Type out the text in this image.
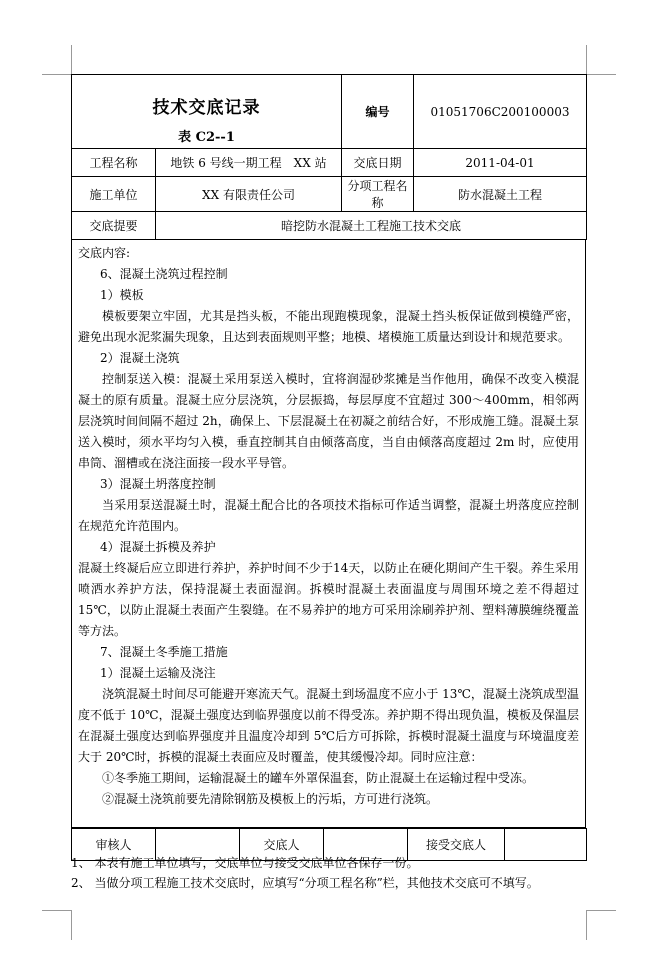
技术交底记录
表 C2--1		编号	01051706C200100003
工程名称	地铁 6 号线一期工程　XX 站	交底日期	2011-04-01
施工单位	XX 有限责任公司	分项工程名称	防水混凝土工程
交底提要	暗挖防水混凝土工程施工技术交底		

交底内容:

6、混凝土浇筑过程控制

1）模板

模板要架立牢固，尤其是挡头板，不能出现跑模现象，混凝土挡头板保证做到模缝严密，避免出现水泥浆漏失现象，且达到表面规则平整；地模、堵模施工质量达到设计和规范要求。

2）混凝土浇筑

控制泵送入模：混凝土采用泵送入模时，宜将润湿砂浆摊是当作他用，确保不改变入模混凝土的原有质量。混凝土应分层浇筑，分层振捣，每层厚度不宜超过 300～400mm，相邻两层浇筑时间间隔不超过 2h，确保上、下层混凝土在初凝之前结合好，不形成施工缝。混凝土泵送入模时，须水平均匀入模，垂直控制其自由倾落高度，当自由倾落高度超过 2m 时，应使用串筒、溜槽或在浇注面接一段水平导管。

3）混凝土坍落度控制

当采用泵送混凝土时，混凝土配合比的各项技术指标可作适当调整，混凝土坍落度应控制在规范允许范围内。

4）混凝土拆模及养护

混凝土终凝后应立即进行养护，养护时间不少于14天，以防止在硬化期间产生干裂。养生采用喷洒水养护方法，保持混凝土表面湿润。拆模时混凝土表面温度与周围环境之差不得超过15℃，以防止混凝土表面产生裂缝。在不易养护的地方可采用涂刷养护剂、塑料薄膜缠绕覆盖等方法。

7、混凝土冬季施工措施

1）混凝土运输及浇注

浇筑混凝土时间尽可能避开寒流天气。混凝土到场温度不应小于 13℃，混凝土浇筑成型温度不低于 10℃，混凝土强度达到临界强度以前不得受冻。养护期不得出现负温，模板及保温层在混凝土强度达到临界强度并且温度冷却到 5℃后方可拆除，拆模时混凝土温度与环境温度差大于 20℃时，拆模的混凝土表面应及时覆盖，使其缓慢冷却。同时应注意：

①冬季施工期间，运输混凝土的罐车外罩保温套，防止混凝土在运输过程中受冻。

②混凝土浇筑前要先清除钢筋及模板上的污垢，方可进行浇筑。

审核人		交底人		接受交底人	

1、 本表有施工单位填写，交底单位与接受交底单位各保存一份。

2、 当做分项工程施工技术交底时，应填写“分项工程名称”栏，其他技术交底可不填写。
